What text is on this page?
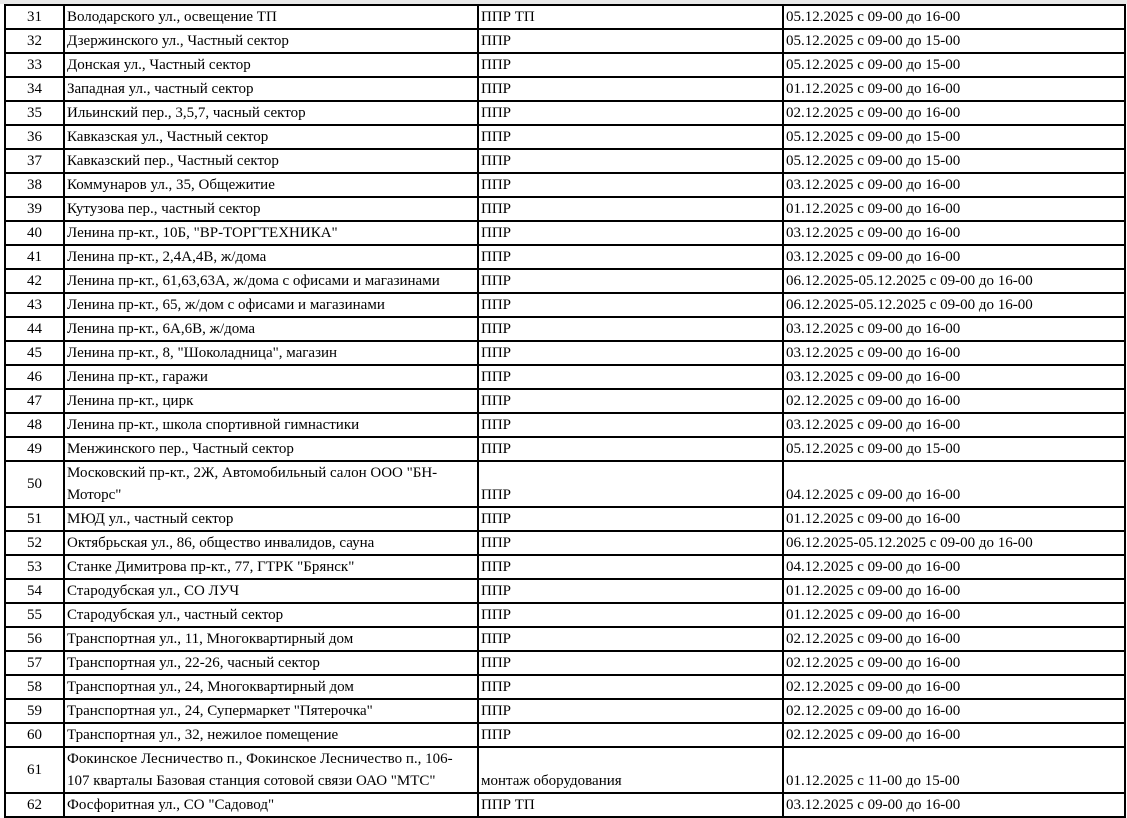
31	Володарского ул., освещение ТП	ППР ТП	05.12.2025 с 09-00 до 16-00
32	Дзержинского ул., Частный сектор	ППР	05.12.2025 с 09-00 до 15-00
33	Донская ул., Частный сектор	ППР	05.12.2025 с 09-00 до 15-00
34	Западная ул., частный сектор	ППР	01.12.2025 с 09-00 до 16-00
35	Ильинский пер., 3,5,7, часный сектор	ППР	02.12.2025 с 09-00 до 16-00
36	Кавказская ул., Частный сектор	ППР	05.12.2025 с 09-00 до 15-00
37	Кавказский пер., Частный сектор	ППР	05.12.2025 с 09-00 до 15-00
38	Коммунаров ул., 35, Общежитие	ППР	03.12.2025 с 09-00 до 16-00
39	Кутузова пер., частный сектор	ППР	01.12.2025 с 09-00 до 16-00
40	Ленина пр-кт., 10Б, "ВР-ТОРГТЕХНИКА"	ППР	03.12.2025 с 09-00 до 16-00
41	Ленина пр-кт., 2,4А,4В, ж/дома	ППР	03.12.2025 с 09-00 до 16-00
42	Ленина пр-кт., 61,63,63А, ж/дома с офисами и магазинами	ППР	06.12.2025-05.12.2025 с 09-00 до 16-00
43	Ленина пр-кт., 65, ж/дом с офисами и магазинами	ППР	06.12.2025-05.12.2025 с 09-00 до 16-00
44	Ленина пр-кт., 6А,6В, ж/дома	ППР	03.12.2025 с 09-00 до 16-00
45	Ленина пр-кт., 8, "Шоколадница", магазин	ППР	03.12.2025 с 09-00 до 16-00
46	Ленина пр-кт., гаражи	ППР	03.12.2025 с 09-00 до 16-00
47	Ленина пр-кт., цирк	ППР	02.12.2025 с 09-00 до 16-00
48	Ленина пр-кт., школа спортивной гимнастики	ППР	03.12.2025 с 09-00 до 16-00
49	Менжинского пер., Частный сектор	ППР	05.12.2025 с 09-00 до 15-00
50	Московский пр-кт., 2Ж, Автомобильный салон ООО "БН-Моторс"	ППР	04.12.2025 с 09-00 до 16-00
51	МЮД ул., частный сектор	ППР	01.12.2025 с 09-00 до 16-00
52	Октябрьская ул., 86, общество инвалидов, сауна	ППР	06.12.2025-05.12.2025 с 09-00 до 16-00
53	Станке Димитрова пр-кт., 77, ГТРК "Брянск"	ППР	04.12.2025 с 09-00 до 16-00
54	Стародубская ул., СО ЛУЧ	ППР	01.12.2025 с 09-00 до 16-00
55	Стародубская ул., частный сектор	ППР	01.12.2025 с 09-00 до 16-00
56	Транспортная ул., 11, Многоквартирный дом	ППР	02.12.2025 с 09-00 до 16-00
57	Транспортная ул., 22-26, часный сектор	ППР	02.12.2025 с 09-00 до 16-00
58	Транспортная ул., 24, Многоквартирный дом	ППР	02.12.2025 с 09-00 до 16-00
59	Транспортная ул., 24, Супермаркет "Пятерочка"	ППР	02.12.2025 с 09-00 до 16-00
60	Транспортная ул., 32, нежилое помещение	ППР	02.12.2025 с 09-00 до 16-00
61	Фокинское Лесничество п., Фокинское Лесничество п., 106-107 кварталы Базовая станция сотовой связи ОАО "МТС"	монтаж оборудования	01.12.2025 с 11-00 до 15-00
62	Фосфоритная ул., СО "Садовод"	ППР ТП	03.12.2025 с 09-00 до 16-00
